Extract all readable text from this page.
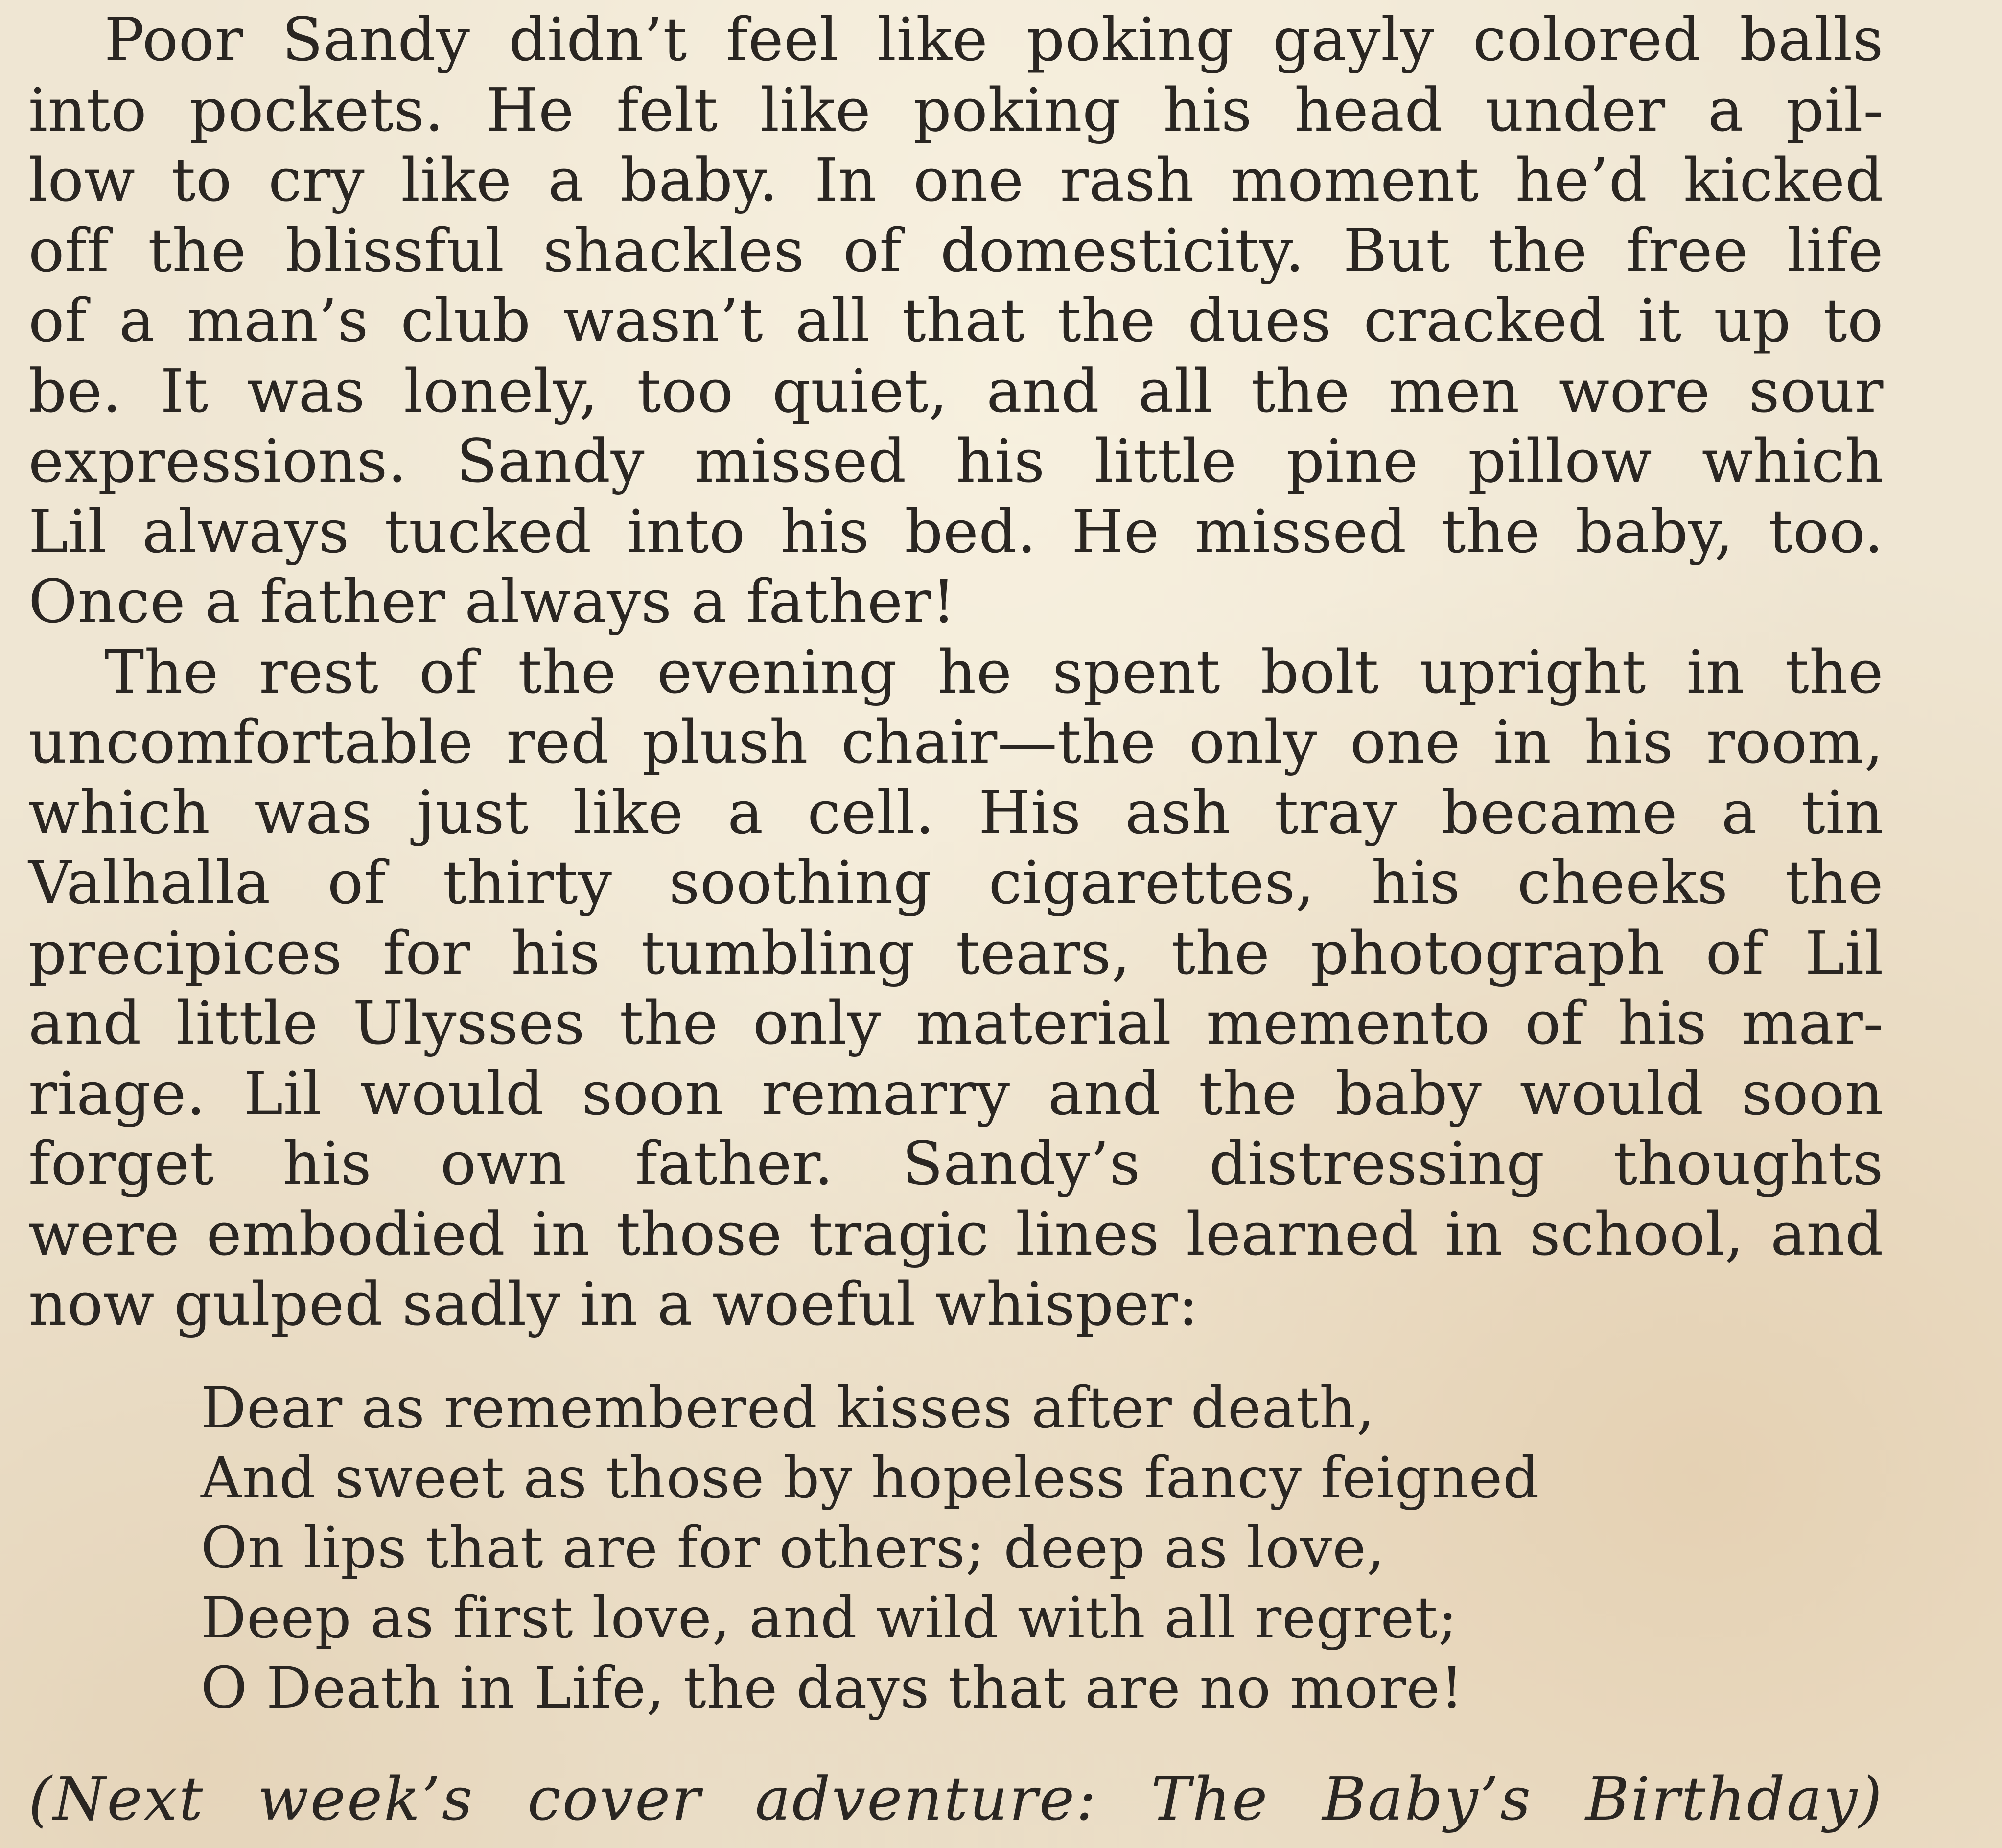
Poor Sandy didn’t feel like poking gayly colored balls
into pockets. He felt like poking his head under a pil-
low to cry like a baby. In one rash moment he’d kicked
off the blissful shackles of domesticity. But the free life
of a man’s club wasn’t all that the dues cracked it up to
be. It was lonely, too quiet, and all the men wore sour
expressions. Sandy missed his little pine pillow which
Lil always tucked into his bed. He missed the baby, too.
Once a father always a father!
The rest of the evening he spent bolt upright in the
uncomfortable red plush chair—the only one in his room,
which was just like a cell. His ash tray became a tin
Valhalla of thirty soothing cigarettes, his cheeks the
precipices for his tumbling tears, the photograph of Lil
and little Ulysses the only material memento of his mar-
riage. Lil would soon remarry and the baby would soon
forget his own father. Sandy’s distressing thoughts
were embodied in those tragic lines learned in school, and
now gulped sadly in a woeful whisper:
Dear as remembered kisses after death,
And sweet as those by hopeless fancy feigned
On lips that are for others; deep as love,
Deep as first love, and wild with all regret;
O Death in Life, the days that are no more!
(Next week’s cover adventure: The Baby’s Birthday)
